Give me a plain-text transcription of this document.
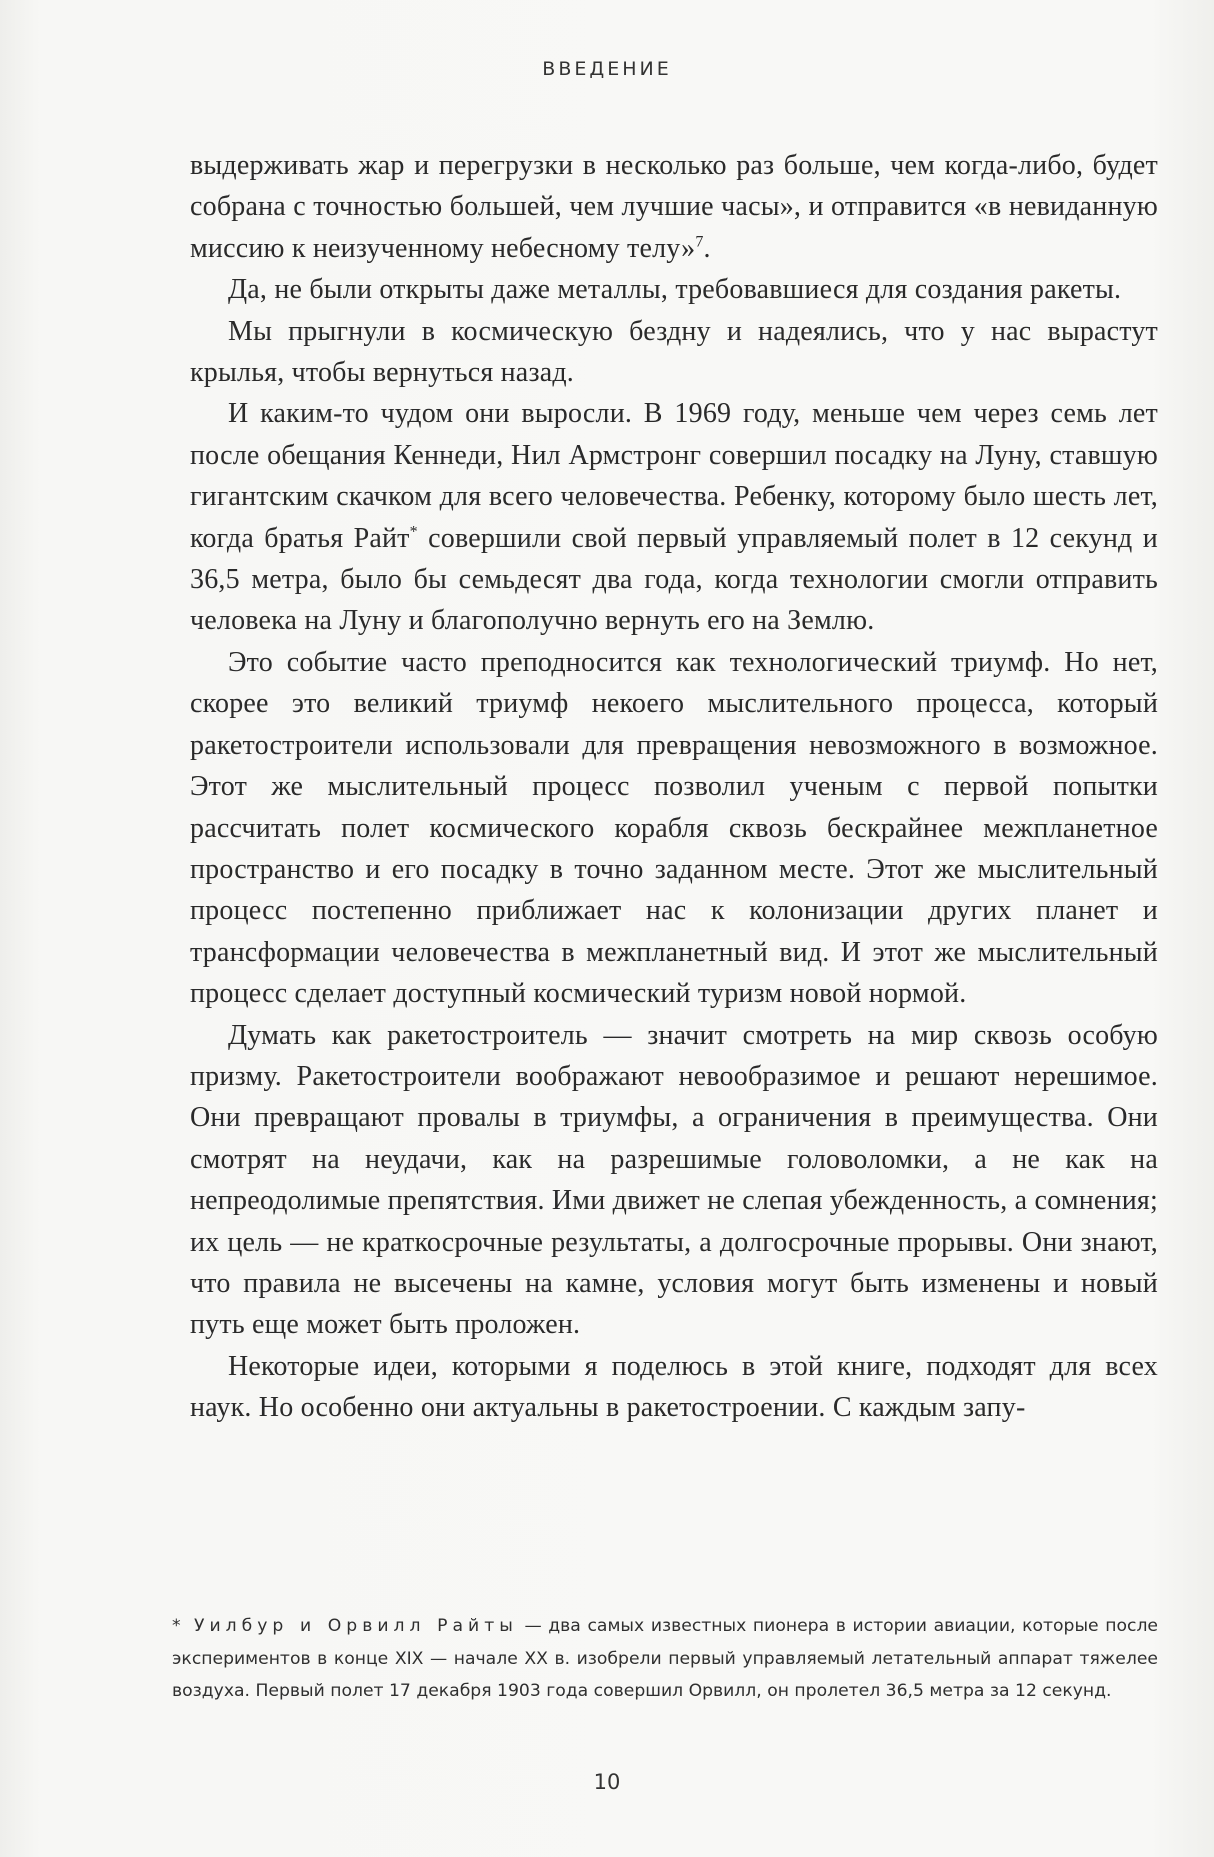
ВВЕДЕНИЕ

выдерживать жар и перегрузки в несколько раз больше, чем когда-либо, будет собрана с точностью большей, чем лучшие часы», и отправится «в невиданную миссию к неизученному небесному телу»$^7$.

Да, не были открыты даже металлы, требовавшиеся для создания ракеты.

Мы прыгнули в космическую бездну и надеялись, что у нас вырастут крылья, чтобы вернуться назад.

И каким-то чудом они выросли. В 1969 году, меньше чем через семь лет после обещания Кеннеди, Нил Армстронг совершил посадку на Луну, ставшую гигантским скачком для всего человечества. Ребенку, которому было шесть лет, когда братья Райт* совершили свой первый управляемый полет в 12 секунд и 36,5 метра, было бы семьдесят два года, когда технологии смогли отправить человека на Луну и благополучно вернуть его на Землю.

Это событие часто преподносится как технологический триумф. Но нет, скорее это великий триумф некоего мыслительного процесса, который ракетостроители использовали для превращения невозможного в возможное. Этот же мыслительный процесс позволил ученым с первой попытки рассчитать полет космического корабля сквозь бескрайнее межпланетное пространство и его посадку в точно заданном месте. Этот же мыслительный процесс постепенно приближает нас к колонизации других планет и трансформации человечества в межпланетный вид. И этот же мыслительный процесс сделает доступный космический туризм новой нормой.

Думать как ракетостроитель — значит смотреть на мир сквозь особую призму. Ракетостроители воображают невообразимое и решают нерешимое. Они превращают провалы в триумфы, а ограничения в преимущества. Они смотрят на неудачи, как на разрешимые головоломки, а не как на непреодолимые препятствия. Ими движет не слепая убежденность, а сомнения; их цель — не краткосрочные результаты, а долгосрочные прорывы. Они знают, что правила не высечены на камне, условия могут быть изменены и новый путь еще может быть проложен.

Некоторые идеи, которыми я поделюсь в этой книге, подходят для всех наук. Но особенно они актуальны в ракетостроении. С каждым запу-

* Уилбур и Орвилл Райты — два самых известных пионера в истории авиации, которые после экспериментов в конце XIX — начале XX в. изобрели первый управляемый летательный аппарат тяжелее воздуха. Первый полет 17 декабря 1903 года совершил Орвилл, он пролетел 36,5 метра за 12 секунд.
10
